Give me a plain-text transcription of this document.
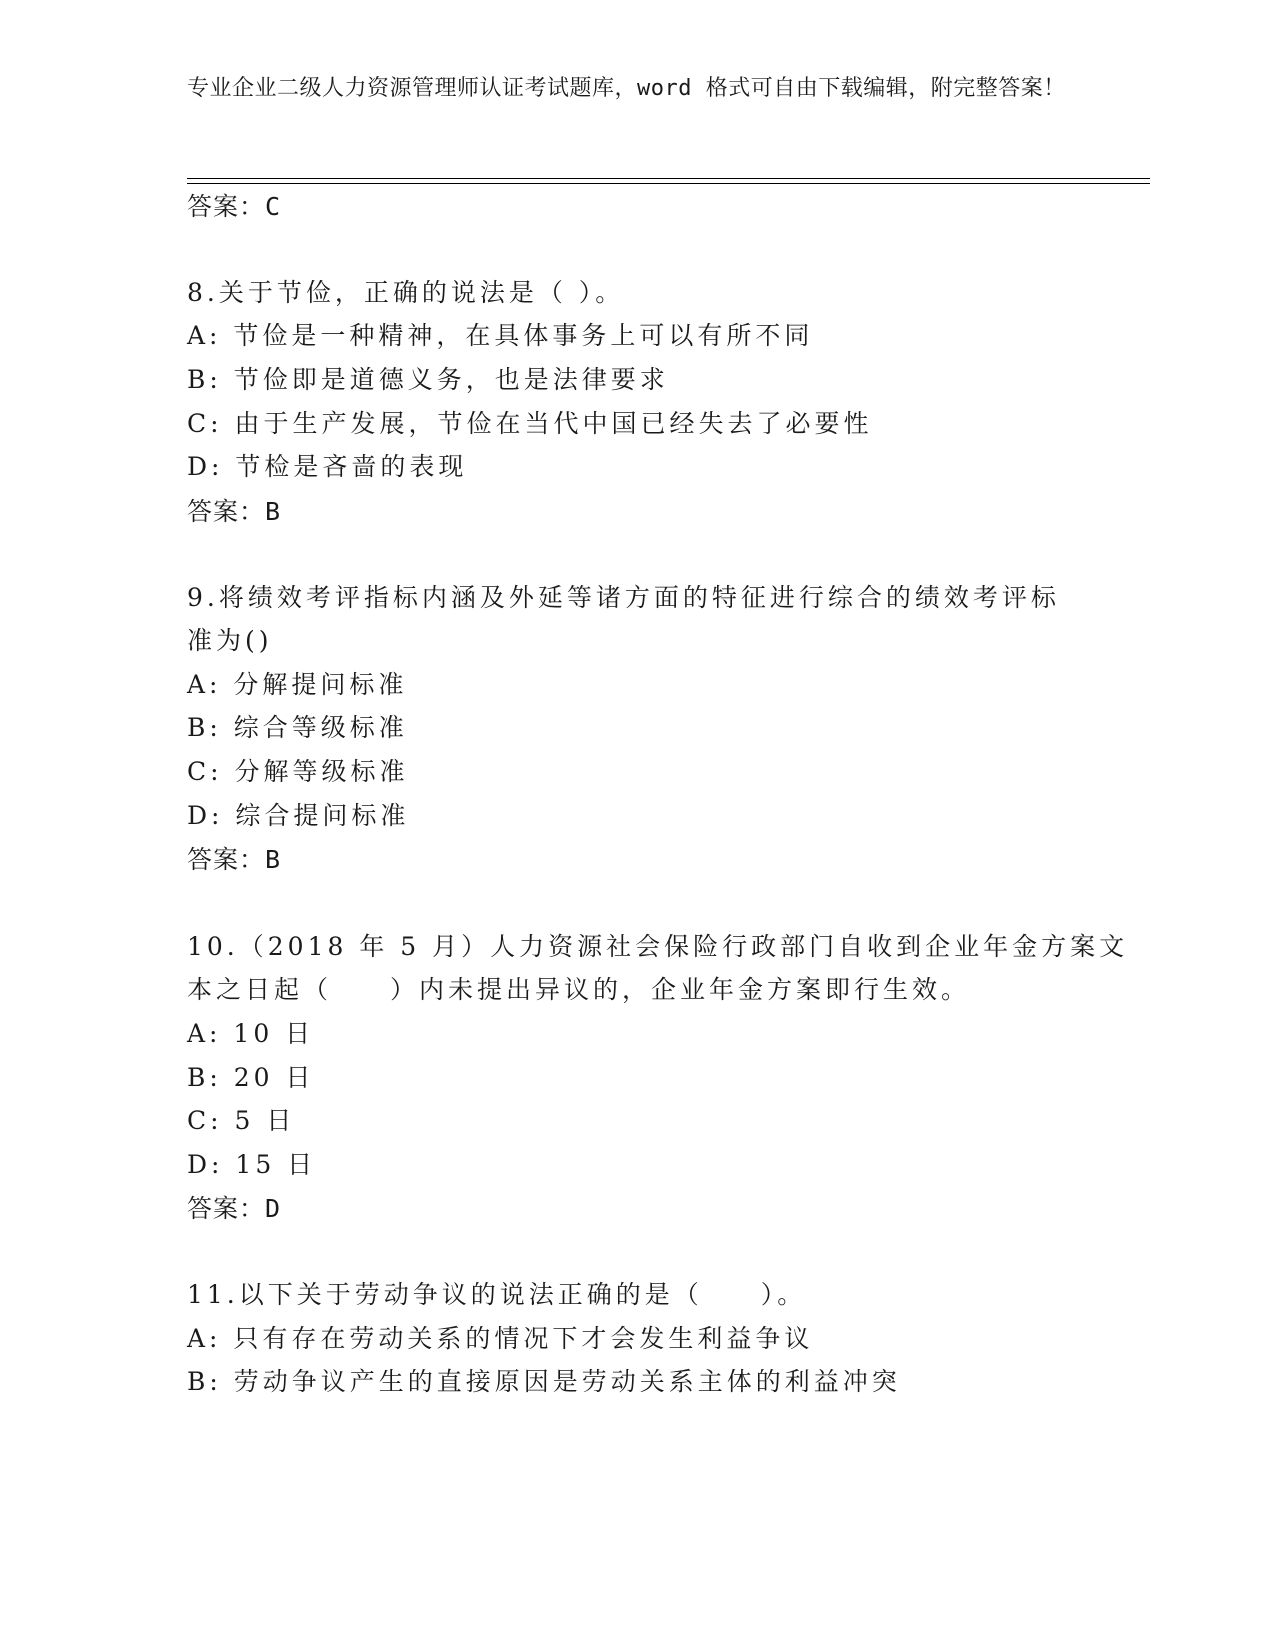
专业企业二级人力资源管理师认证考试题库，word 格式可自由下载编辑，附完整答案！
答案：C
8.关于节俭，正确的说法是（ ）。
A: 节俭是一种精神，在具体事务上可以有所不同
B: 节俭即是道德义务，也是法律要求
C: 由于生产发展，节俭在当代中国已经失去了必要性
D: 节检是吝啬的表现
答案：B
9.将绩效考评指标内涵及外延等诸方面的特征进行综合的绩效考评标
准为()
A: 分解提问标准
B: 综合等级标准
C: 分解等级标准
D: 综合提问标准
答案：B
10.（2018 年 5 月）人力资源社会保险行政部门自收到企业年金方案文
本之日起（　　）内未提出异议的，企业年金方案即行生效。
A: 10 日
B: 20 日
C: 5 日
D: 15 日
答案：D
11.以下关于劳动争议的说法正确的是（　　）。
A: 只有存在劳动关系的情况下才会发生利益争议
B: 劳动争议产生的直接原因是劳动关系主体的利益冲突
